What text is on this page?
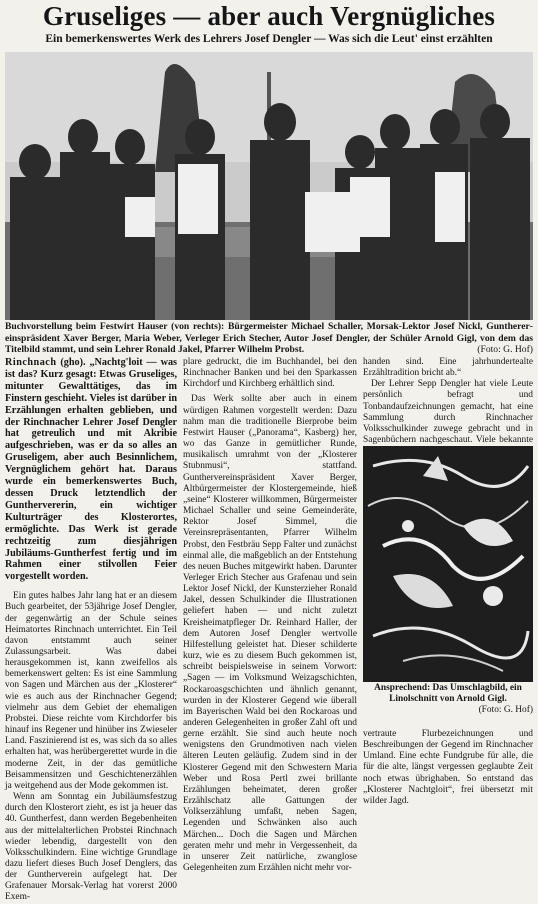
Gruseliges — aber auch Vergnügliches
Ein bemerkenswertes Werk des Lehrers Josef Dengler — Was sich die Leut' einst erzählten
Buchvorstellung beim Festwirt Hauser (von rechts): Bürgermeister Michael Schaller, Morsak-Lektor Josef Nickl, Guntherereinspräsident Xaver Berger, Maria Weber, Verleger Erich Stecher, Autor Josef Dengler, der Schüler Arnold Gigl, von dem das Titelbild stammt, und sein Lehrer Ronald Jakel, Pfarrer Wilhelm Probst.	(Foto: G. Hof)

Rinchnach (gho). „Nachtg'loit — was ist das? Kurz gesagt: Etwas Gruseliges, mitunter Gewalttätiges, das im Finstern geschieht. Vieles ist darüber in Erzählungen erhalten geblieben, und der Rinchnacher Lehrer Josef Dengler hat getreulich und mit Akribie aufgeschrieben, was er da so alles an Gruseligem, aber auch Besinnlichem, Vergnüglichem gehört hat. Daraus wurde ein bemerkenswertes Buch, dessen Druck letztendlich der Gunthervererin, ein wichtiger Kulturträger des Klosterortes, ermöglichte. Das Werk ist gerade rechtzeitig zum diesjährigen Jubiläums-Guntherfest fertig und im Rahmen einer stilvollen Feier vorgestellt worden.

Ein gutes halbes Jahr lang hat er an diesem Buch gearbeitet, der 53jährige Josef Dengler, der gegenwärtig an der Schule seines Heimatortes Rinchnach unterrichtet. Ein Teil davon entstammt auch seiner Zulassungsarbeit. Was dabei herausgekommen ist, kann zweifellos als bemerkenswert gelten: Es ist eine Sammlung von Sagen und Märchen aus der „Klosterer“ wie es auch aus der Rinchnacher Gegend; vielmehr aus dem Gebiet der ehemaligen Probstei. Diese reichte vom Kirchdorfer bis hinauf ins Regener und hinüber ins Zwieseler Land. Faszinierend ist es, was sich da so alles erhalten hat, was herübergerettet wurde in die moderne Zeit, in der das gemütliche Beisammensitzen und Geschichtenerzählen ja weitgehend aus der Mode gekommen ist.

Wenn am Sonntag ein Jubiläumsfestzug durch den Klosterort zieht, es ist ja heuer das 40. Guntherfest, dann werden Begebenheiten aus der mittelalterlichen Probstei Rinchnach wieder lebendig, dargestellt von den Volksschulkindern. Eine wichtige Grundlage dazu liefert dieses Buch Josef Denglers, das der Guntherverein aufgelegt hat. Der Grafenauer Morsak-Verlag hat vorerst 2000 Exem-

plare gedruckt, die im Buchhandel, bei den Rinchnacher Banken und bei den Sparkassen Kirchdorf und Kirchberg erhältlich sind.

Das Werk sollte aber auch in einem würdigen Rahmen vorgestellt werden: Dazu nahm man die traditionelle Bierprobe beim Festwirt Hauser („Panorama“, Kasberg) her, wo das Ganze in gemütlicher Runde, musikalisch umrahmt von der „Klosterer Stubnmusi“, stattfand. Gunthervereinspräsident Xaver Berger, Altbürgermeister der Klostergemeinde, hieß „seine“ Klosterer willkommen, Bürgermeister Michael Schaller und seine Gemeinderäte, Rektor Josef Simmel, die Vereinsrepräsentanten, Pfarrer Wilhelm Probst, den Festbräu Sepp Falter und zunächst einmal alle, die maßgeblich an der Entstehung des neuen Buches mitgewirkt haben. Darunter Verleger Erich Stecher aus Grafenau und sein Lektor Josef Nickl, der Kunsterzieher Ronald Jakel, dessen Schulkinder die Illustrationen geliefert haben — und nicht zuletzt Kreisheimatpfleger Dr. Reinhard Haller, der dem Autoren Josef Dengler wertvolle Hilfestellung geleistet hat. Dieser schilderte kurz, wie es zu diesem Buch gekommen ist, schreibt beispielsweise in seinem Vorwort: „Sagen — im Volksmund Weizagschichten, Rockaroasgschichten und ähnlich genannt, wurden in der Klosterer Gegend wie überall im Bayerischen Wald bei den Rockaroas und anderen Gelegenheiten in großer Zahl oft und gerne erzählt. Sie sind auch heute noch wenigstens den Grundmotiven nach vielen älteren Leuten geläufig. Zudem sind in der Klosterer Gegend mit den Schwestern Maria Weber und Rosa Pertl zwei brillante Erzählungen beheimatet, deren großer Erzählschatz alle Gattungen der Volkserzählung umfaßt, neben Sagen, Legenden und Schwänken also auch Märchen... Doch die Sagen und Märchen geraten mehr und mehr in Vergessenheit, da in unserer Zeit natürliche, zwanglose Gelegenheiten zum Erzählen nicht mehr vor-

handen sind. Eine jahrhundertealte Erzähltradition bricht ab.“

Der Lehrer Sepp Dengler hat viele Leute persönlich befragt und Tonbandaufzeichnungen gemacht, hat eine Sammlung durch Rinchnacher Volksschulkinder zuwege gebracht und in Sagenbüchern nachgeschaut. Viele bekannte

Ansprechend: Das Umschlagbild, ein Linolschnitt von Arnold Gigl.
(Foto: G. Hof)

vertraute Flurbezeichnungen und Beschreibungen der Gegend im Rinchnacher Umland. Eine echte Fundgrube für alle, die für die alte, längst vergessen geglaubte Zeit noch etwas übrighaben. So entstand das „Klosterer Nachtgloit“, frei übersetzt mit wilder Jagd.
